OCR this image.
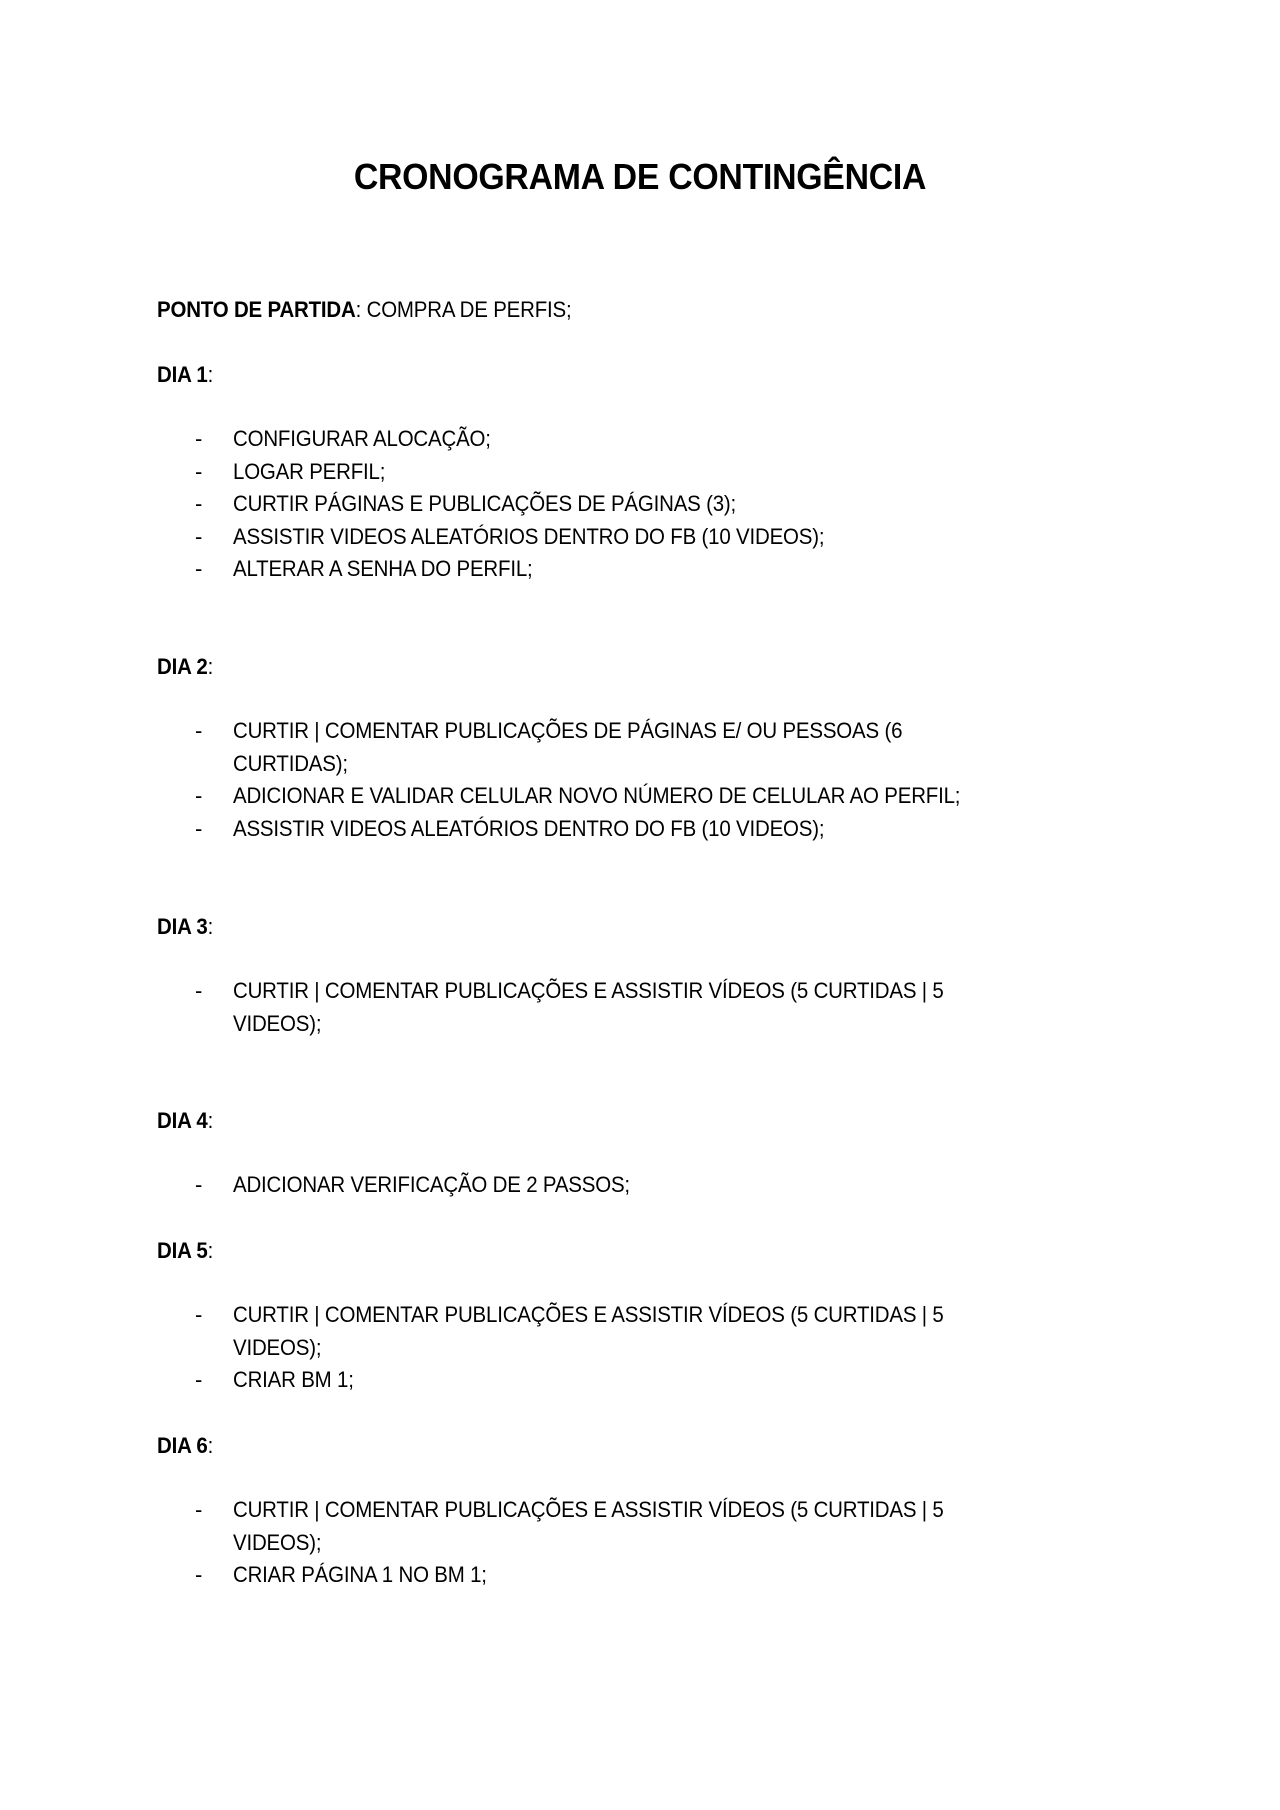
CRONOGRAMA DE CONTINGÊNCIA
PONTO DE PARTIDA: COMPRA DE PERFIS;
DIA 1:
- CONFIGURAR ALOCAÇÃO;
- LOGAR PERFIL;
- CURTIR PÁGINAS E PUBLICAÇÕES DE PÁGINAS (3);
- ASSISTIR VIDEOS ALEATÓRIOS DENTRO DO FB (10 VIDEOS);
- ALTERAR A SENHA DO PERFIL;
DIA 2:
- CURTIR | COMENTAR PUBLICAÇÕES DE PÁGINAS E/ OU PESSOAS (6
CURTIDAS);
- ADICIONAR E VALIDAR CELULAR NOVO NÚMERO DE CELULAR AO PERFIL;
- ASSISTIR VIDEOS ALEATÓRIOS DENTRO DO FB (10 VIDEOS);
DIA 3:
- CURTIR | COMENTAR PUBLICAÇÕES E ASSISTIR VÍDEOS (5 CURTIDAS | 5
VIDEOS);
DIA 4:
- ADICIONAR VERIFICAÇÃO DE 2 PASSOS;
DIA 5:
- CURTIR | COMENTAR PUBLICAÇÕES E ASSISTIR VÍDEOS (5 CURTIDAS | 5
VIDEOS);
- CRIAR BM 1;
DIA 6:
- CURTIR | COMENTAR PUBLICAÇÕES E ASSISTIR VÍDEOS (5 CURTIDAS | 5
VIDEOS);
- CRIAR PÁGINA 1 NO BM 1;
